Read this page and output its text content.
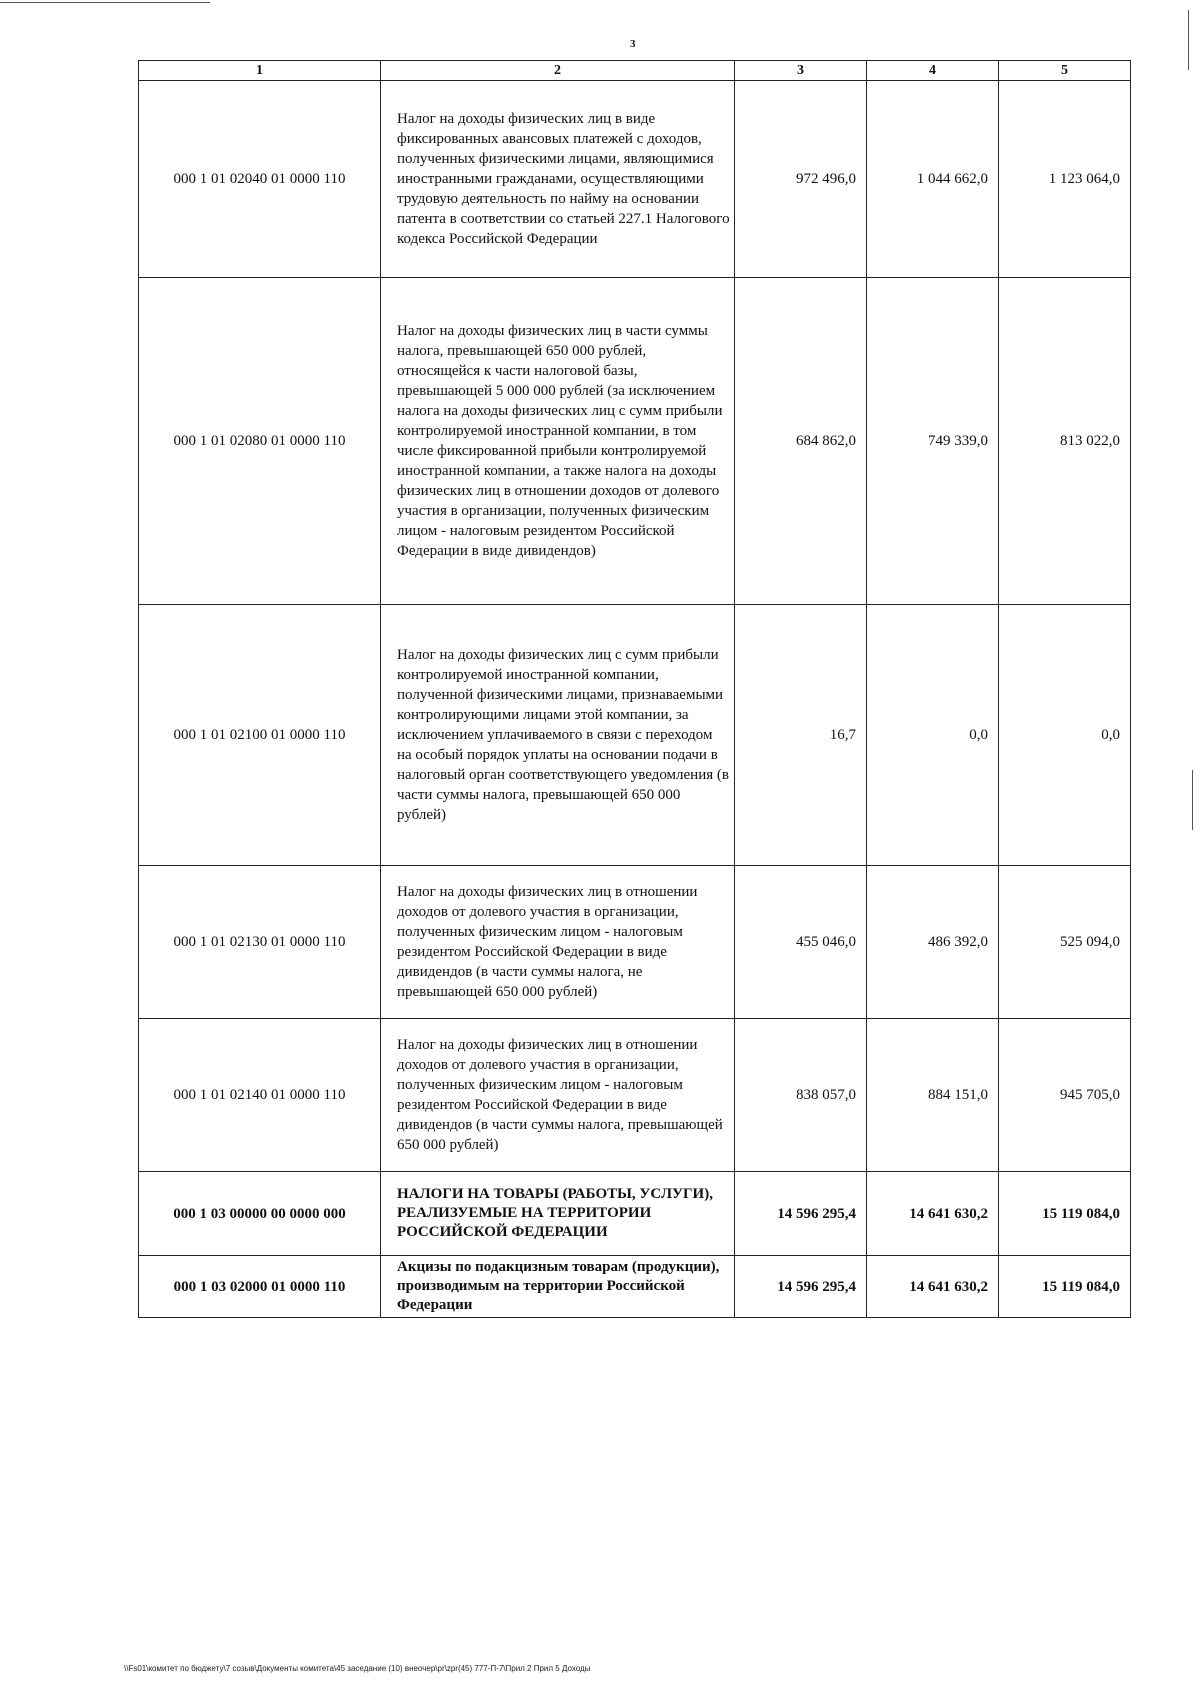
3
1	2	3	4	5
000 1 01 02040 01 0000 110	Налог на доходы физических лиц в виде фиксированных авансовых платежей с доходов, полученных физическими лицами, являющимися иностранными гражданами, осуществляющими трудовую деятельность по найму на основании патента в соответствии со статьей 227.1 Налогового кодекса Российской Федерации	972 496,0	1 044 662,0	1 123 064,0
000 1 01 02080 01 0000 110	Налог на доходы физических лиц в части суммы налога, превышающей 650 000 рублей, относящейся к части налоговой базы, превышающей 5 000 000 рублей (за исключением налога на доходы физических лиц с сумм прибыли контролируемой иностранной компании, в том числе фиксированной прибыли контролируемой иностранной компании, а также налога на доходы физических лиц в отношении доходов от долевого участия в организации, полученных физическим лицом - налоговым резидентом Российской Федерации в виде дивидендов)	684 862,0	749 339,0	813 022,0
000 1 01 02100 01 0000 110	Налог на доходы физических лиц с сумм прибыли контролируемой иностранной компании, полученной физическими лицами, признаваемыми контролирующими лицами этой компании, за исключением уплачиваемого в связи с переходом на особый порядок уплаты на основании подачи в налоговый орган соответствующего уведомления (в части суммы налога, превышающей 650 000 рублей)	16,7	0,0	0,0
000 1 01 02130 01 0000 110	Налог на доходы физических лиц в отношении доходов от долевого участия в организации, полученных физическим лицом - налоговым резидентом Российской Федерации в виде дивидендов (в части суммы налога, не превышающей 650 000 рублей)	455 046,0	486 392,0	525 094,0
000 1 01 02140 01 0000 110	Налог на доходы физических лиц в отношении доходов от долевого участия в организации, полученных физическим лицом - налоговым резидентом Российской Федерации в виде дивидендов (в части суммы налога, превышающей 650 000 рублей)	838 057,0	884 151,0	945 705,0
000 1 03 00000 00 0000 000	НАЛОГИ НА ТОВАРЫ (РАБОТЫ, УСЛУГИ), РЕАЛИЗУЕМЫЕ НА ТЕРРИТОРИИ РОССИЙСКОЙ ФЕДЕРАЦИИ	14 596 295,4	14 641 630,2	15 119 084,0
000 1 03 02000 01 0000 110	Акцизы по подакцизным товарам (продукции), производимым на территории Российской Федерации	14 596 295,4	14 641 630,2	15 119 084,0
\\Fs01\комитет по бюджету\7 созыв\Документы комитета\45 заседание (10) внеочер\pr\zpr(45) 777-П-7\Прил 2 Прил 5 Доходы
